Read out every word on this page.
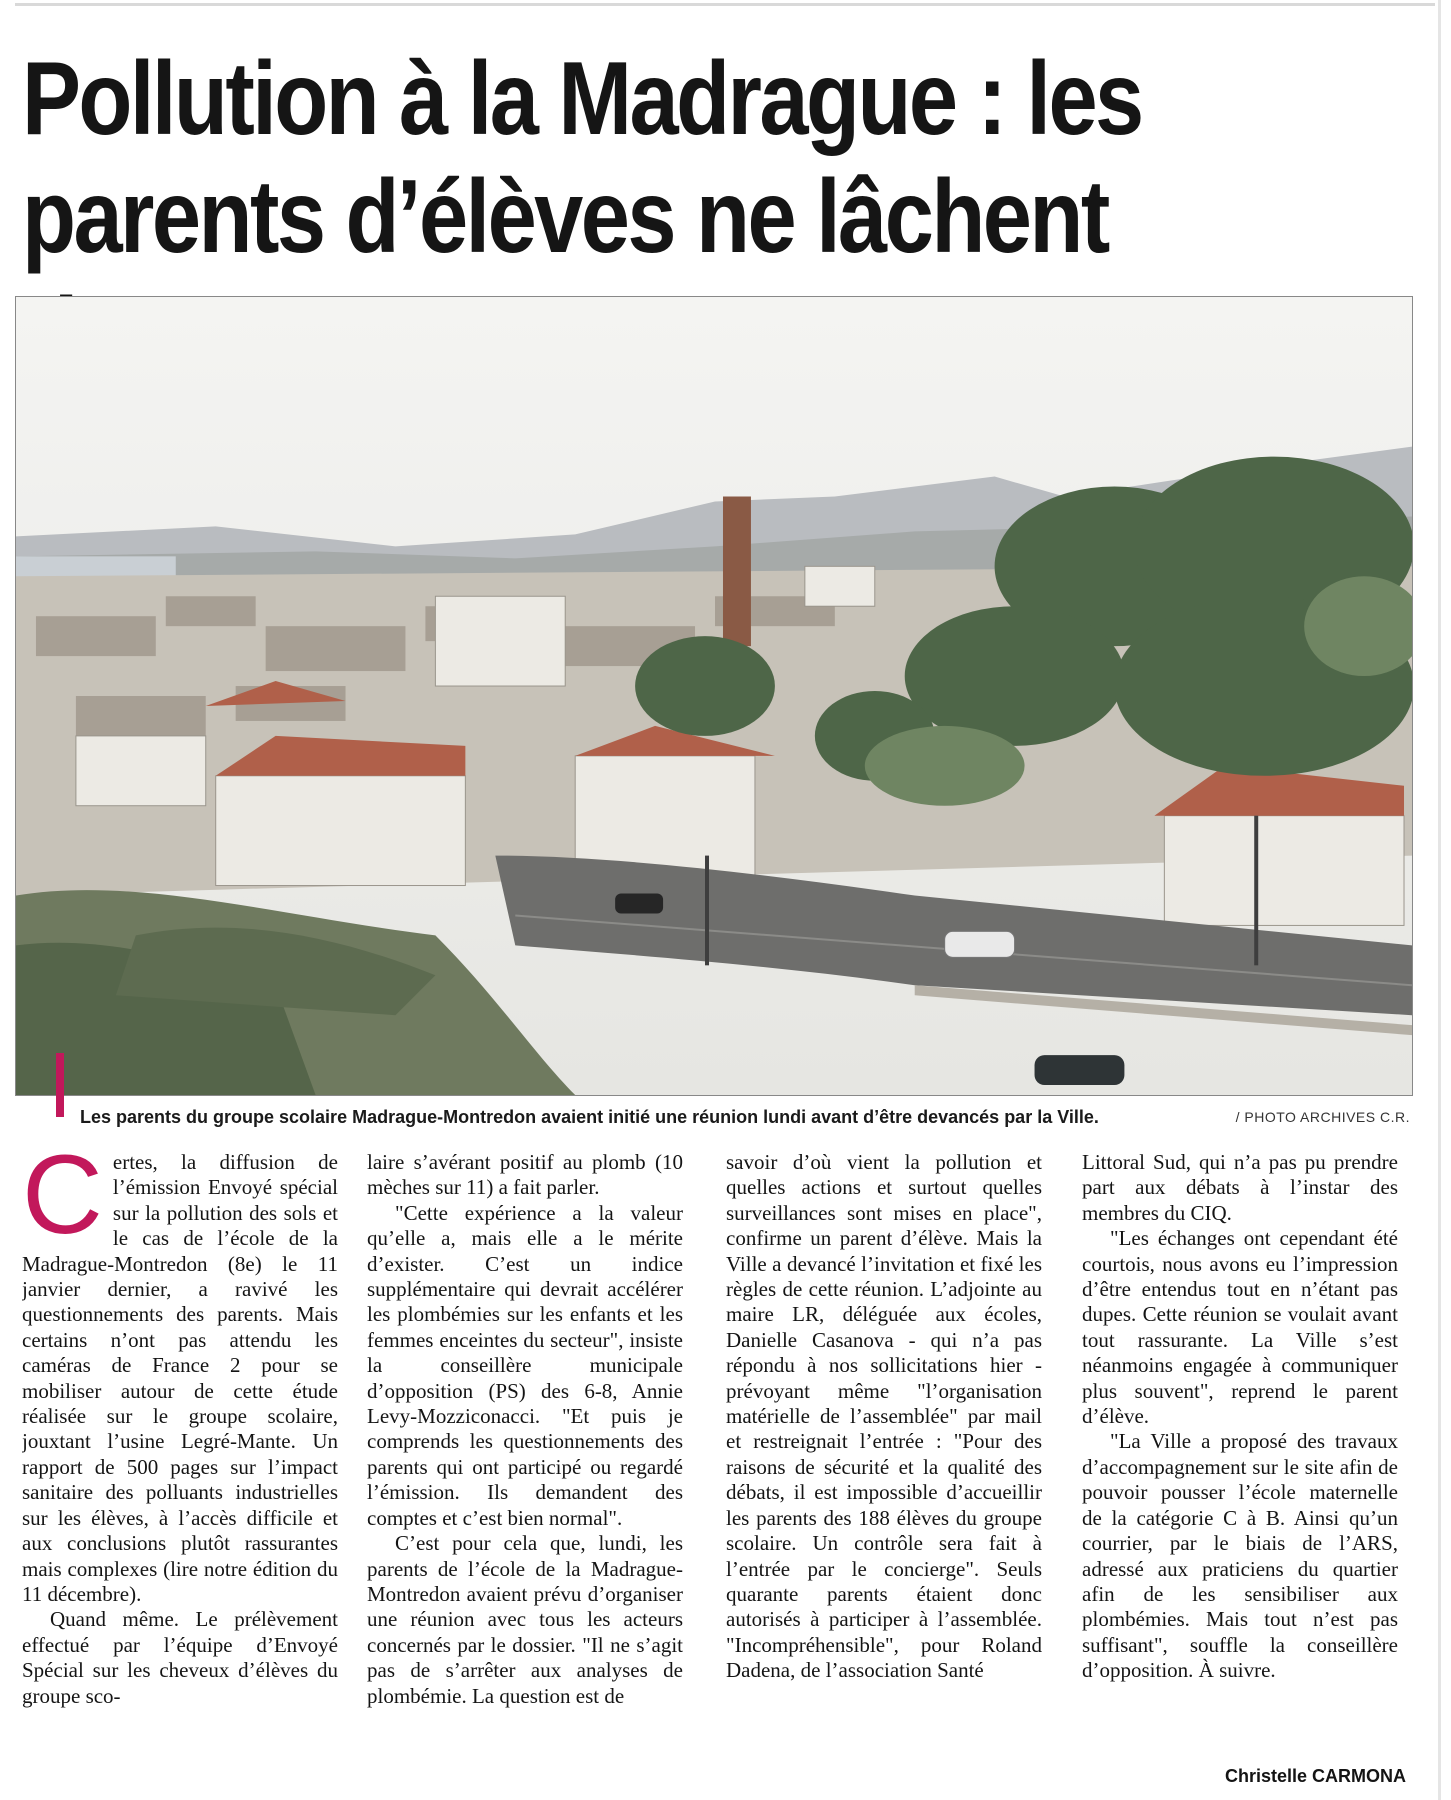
Pollution à la Madrague : les
parents d’élèves ne lâchent
Les parents du groupe scolaire Madrague-Montredon avaient initié une réunion lundi avant d’être devancés par la Ville.	/ PHOTO ARCHIVES C.R.
C ertes, la diffusion de l’émission Envoyé spécial sur la pollution des sols et le cas de l’école de la Madrague-Montredon (8e) le 11 janvier dernier, a ravivé les questionnements des parents. Mais certains n’ont pas attendu les caméras de France 2 pour se mobiliser autour de cette étude réalisée sur le groupe scolaire, jouxtant l’usine Legré-Mante. Un rapport de 500 pages sur l’impact sanitaire des polluants industrielles sur les élèves, à l’accès difficile et aux conclusions plutôt rassurantes mais complexes (lire notre édition du 11 décembre).

Quand même. Le prélèvement effectué par l’équipe d’Envoyé Spécial sur les cheveux d’élèves du groupe sco-

laire s’avérant positif au plomb (10 mèches sur 11) a fait parler.

"Cette expérience a la valeur qu’elle a, mais elle a le mérite d’exister. C’est un indice supplémentaire qui devrait accélérer les plombémies sur les enfants et les femmes enceintes du secteur", insiste la conseillère municipale d’opposition (PS) des 6-8, Annie Levy-Mozziconacci. "Et puis je comprends les questionnements des parents qui ont participé ou regardé l’émission. Ils demandent des comptes et c’est bien normal".

C’est pour cela que, lundi, les parents de l’école de la Madrague-Montredon avaient prévu d’organiser une réunion avec tous les acteurs concernés par le dossier. "Il ne s’agit pas de s’arrêter aux analyses de plombémie. La question est de

savoir d’où vient la pollution et quelles actions et surtout quelles surveillances sont mises en place", confirme un parent d’élève. Mais la Ville a devancé l’invitation et fixé les règles de cette réunion. L’adjointe au maire LR, déléguée aux écoles, Danielle Casanova - qui n’a pas répondu à nos sollicitations hier - prévoyant même "l’organisation matérielle de l’assemblée" par mail et restreignait l’entrée : "Pour des raisons de sécurité et la qualité des débats, il est impossible d’accueillir les parents des 188 élèves du groupe scolaire. Un contrôle sera fait à l’entrée par le concierge". Seuls quarante parents étaient donc autorisés à participer à l’assemblée. "Incompréhensible", pour Roland Dadena, de l’association Santé

Littoral Sud, qui n’a pas pu prendre part aux débats à l’instar des membres du CIQ.

"Les échanges ont cependant été courtois, nous avons eu l’impression d’être entendus tout en n’étant pas dupes. Cette réunion se voulait avant tout rassurante. La Ville s’est néanmoins engagée à communiquer plus souvent", reprend le parent d’élève.

"La Ville a proposé des travaux d’accompagnement sur le site afin de pouvoir pousser l’école maternelle de la catégorie C à B. Ainsi qu’un courrier, par le biais de l’ARS, adressé aux praticiens du quartier afin de les sensibiliser aux plombémies. Mais tout n’est pas suffisant", souffle la conseillère d’opposition. À suivre.

Christelle CARMONA
